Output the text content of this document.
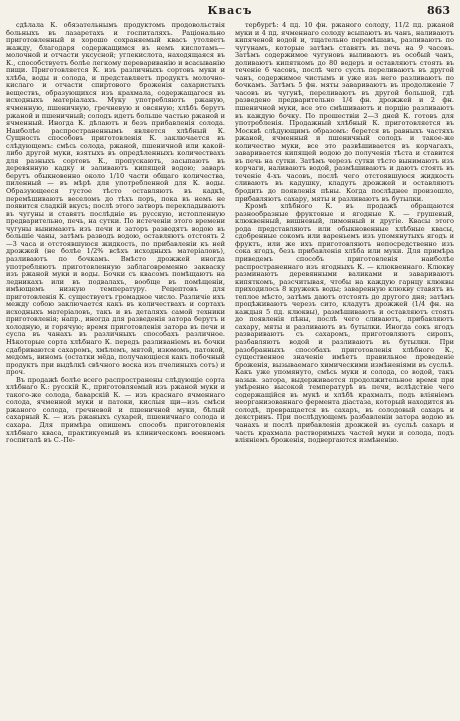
Квасъ	863

сдѣлала К. обязательнымъ продуктомъ продовольствія больныхъ въ лазаретахъ и госпиталяхъ. Раціонально приготовленный и хорошо сохраняемый квасъ утоляетъ жажду, благодаря содержащимся въ немъ кислотамъ—молочной и отчасти уксусной; углекислота, находящаяся въ К., способствуетъ болѣе легкому перевариванію и всасыванію пищи. Приготовляется К. изъ различныхъ сортовъ муки и хлѣба, воды и солода, и представляетъ продуктъ молочно-кислаго и отчасти спиртового броженія сахаристыхъ веществъ, образующихся изъ крахмала, содержащагося въ исходныхъ матеріалахъ. Муку употребляютъ ржаную, ячменную, пшеничную, гречневую и овсяную; хлѣбъ берутъ ржаной и пшеничный; солодъ идетъ больше частью ржаной и ячменный. Иногда К. дѣлаютъ и безъ прибавленія солода. Наиболѣе распространеннымъ является хлѣбный К. Сущность способовъ приготовленія К. заключается въ слѣдующемъ: смѣсь солода, ржаной, пшеничной или какой-либо другой муки, взятыхъ въ опредѣленныхъ количествахъ для разныхъ сортовъ К., пропускаютъ, засыпаютъ въ деревянную кадку и заливаютъ кипящей водою; заваръ берутъ обыкновенно около 1/10 части общаго количества, пиленный — въ мѣрѣ для употребленной для К. воды. Образующееся густое тѣсто оставляютъ въ кадкѣ, перемѣшиваютъ веселомъ до тѣхъ поръ, пока въ немъ не появится сладкій вкусъ; послѣ этого затворъ перекладываютъ въ чугуны и ставятъ послѣдніе въ русскую, истопленную предварительно, печь, на сутки. По истеченіи этого времени чугуны вынимаютъ изъ печи и заторъ разводятъ водою въ большіе чаны, затѣмъ разводъ водою, оставляютъ отстоять 2—3 часа и отстоявшуюся жидкость, по прибавленіи къ ней дрожжей (не болѣе 1/2% всѣхъ исходныхъ матеріаловъ), разливаютъ по бочкамъ. Вмѣсто дрожжей иногда употребляютъ приготовленную заблаговременно закваску изъ ржаной муки и воды. Бочки съ квасомъ помѣщаютъ на ледникахъ или въ подвалахъ, вообще въ помѣщеніи, имѣющемъ низкую температуру. Рецептовъ для приготовленія К. существуетъ громадное число. Различіе ихъ между собою заключается какъ въ количествахъ и сортахъ исходныхъ матеріаловъ, такъ и въ деталяхъ самой техники приготовленія; напр., иногда для разведенія затора берутъ и холодную, и горячую; время приготовленія затора въ печи и сусла въ чанахъ въ различныхъ способахъ различное. Нѣкоторые сорта хлѣбнаго К. передъ разливаніемъ въ бочки сдабриваются сахаромъ, хмѣлемъ, мятой, изюмомъ, патокой, медомъ, виномъ (остатки мёда, получающіеся какъ побочный продуктъ при выдѣлкѣ свѣчного воска изъ пчелиныхъ сотъ) и проч.

Въ продажѣ болѣе всего распространены слѣдующіе сорта хлѣбнаго К.: русскій К., приготовляемый изъ ржаной муки и такого-же солода, баварскій К. — изъ краснаго ячменнаго солода, ячменной муки и патоки, кислыя щи—изъ смѣси ржаного солода, гречневой и пшеничной муки, бѣлый сахарный К. — изъ ржаныхъ сухарей, пшеничнаго солода и сахара. Для примѣра опишемъ способъ приготовленія хлѣбнаго кваса, практикуемый въ клиническомъ военномъ госпиталѣ въ С.-Пе-

тербургѣ: 4 пд. 10 фн. ржаного солоду, 11/2 пд. ржаной муки и 4 пд. ячменнаго солоду всыпаютъ въ чанъ, наливаютъ кипяченой водой и, тщательно перемѣшавъ, разливаютъ по чугунамъ, которые затѣмъ ставятъ въ печь на 9 часовъ. Затѣмъ содержимое чугуновъ выливаютъ въ особый чанъ, доливаютъ кипяткомъ до 80 ведеръ и оставляютъ стоять въ теченіе 6 часовъ, послѣ чего суслъ переливаютъ въ другой чанъ, содержимое чистымъ и уже изъ него разливаютъ по бочкамъ. Затѣмъ 5 фн. мяты завариваютъ въ продолженіе 7 часовъ въ чугунѣ, переливаютъ въ другой большой, гдѣ разведено предварительно 1/4 фн. дрожжей и 2 фн. пшеничной муки, все это смѣшиваютъ и порцію разливаютъ въ каждую бочку. По прошествіи 2—3 дней К. готовъ для употребленія. Продажный хлѣбный К. приготовляется въ Москвѣ слѣдующимъ образомъ: берется въ равныхъ частяхъ ржаной, ячменный и пшеничный солодъ и такое-же количество муки, все это развѣшивается въ корчагахъ, заваривается кипящей водою до полученія тѣста и ставится въ печь на сутки. Затѣмъ черезъ сутки тѣсто вынимаютъ изъ корчаги, наливаютъ водой, размѣшиваютъ и даютъ стоять въ теченіе 4-хъ часовъ, послѣ чего отстоявшуюся жидкость сливаютъ въ кадушку, кладутъ дрожжей и оставляютъ бродить до появленія пѣны. Когда послѣднее произошло, прибавляютъ сахару, мяты и разливаютъ въ бутылки.

Кромѣ хлѣбного К. въ продажѣ обращаются разнообразные фруктовые и ягодные К. — грушевый, клюквенный, вишневый, лимонный и другіе. Квасы этого рода представляютъ или обыкновенные хлѣбные квасы, сдобренные сокомъ или вареньемъ изъ упомянутыхъ ягодъ и фруктъ, или же ихъ приготовляютъ непосредственно изъ сока ягодъ, безъ прибавленія хлѣба или муки. Для примѣра приведемъ способъ приготовленія наиболѣе распространеннаго изъ ягодныхъ К. — клюквеннаго. Клюкву разминаютъ деревянными валиками и завариваютъ кипяткомъ, разсчитывая, чтобы на каждую гарнцу клюквы приходилось 8 кружекъ воды; заваренную клюкву ставятъ въ теплое мѣсто, затѣмъ даютъ отстоять до другого дня; затѣмъ процѣживаютъ черезъ сито, кладутъ дрожжей (1/4 фн. на каждыя 5 пд. клюквы), размѣшиваютъ и оставляютъ стоять до появленія пѣны, послѣ чего сливаютъ, прибавляютъ сахару, мяты и разливаютъ въ бутылки. Иногда сокъ ягодъ развариваютъ съ сахаромъ, приготовляютъ сиропъ, разбавляютъ водой и разливаютъ въ бутылки. При разобранныхъ способахъ приготовленія хлѣбного К., существенное значеніе имѣетъ правильное проведеніе броженія, вызываемаго химическими измѣненіями въ сусльѣ. Какъ уже упомянуто, смѣсь муки и солода, со водой, такъ назыв. затора, выдерживается продолжительное время при умѣренно высокой температурѣ въ печи, вслѣдствіе чего содержащійся въ мукѣ и хлѣбѣ крахмалъ, подъ вліяніемъ неорганизованнаго фермента діастаза, который находится въ солодѣ, превращается въ сахаръ, въ солодовый сахаръ и декстринъ. При послѣдующемъ разбавленіи затора водою въ чанахъ и послѣ прибавленія дрожжей въ сусльѣ сахаръ и часть крахмала растворимыхъ частей муки и солода, подъ вліяніемъ броженія, подвергаются измѣненію.
